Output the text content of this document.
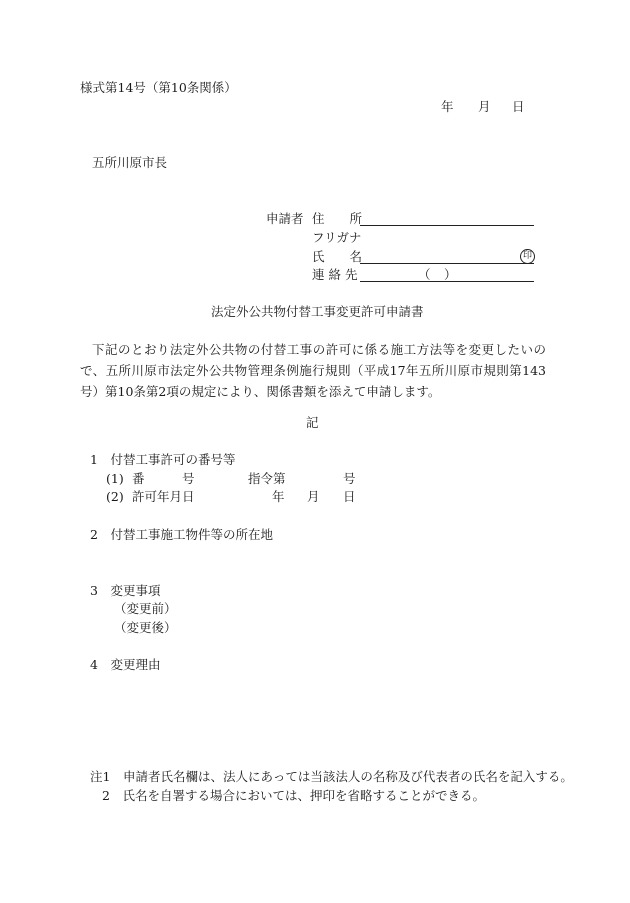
様式第14号（第10条関係）
年 月 日
五所川原市長
申請者 住　　所
フリガナ
氏　　名	印
連 絡 先	（ ）
法定外公共物付替工事変更許可申請書
下記のとおり法定外公共物の付替工事の許可に係る施工方法等を変更したいので、五所川原市法定外公共物管理条例施行規則（平成17年五所川原市規則第143号）第10条第2項の規定により、関係書類を添えて申請します。
記
1　付替工事許可の番号等
(1) 番　　　号	指令第	号
(2) 許可年月日	年 月 日
2　付替工事施工物件等の所在地
3　変更事項
（変更前）
（変更後）
4　変更理由
注1　申請者氏名欄は、法人にあっては当該法人の名称及び代表者の氏名を記入する。
2　氏名を自署する場合においては、押印を省略することができる。
